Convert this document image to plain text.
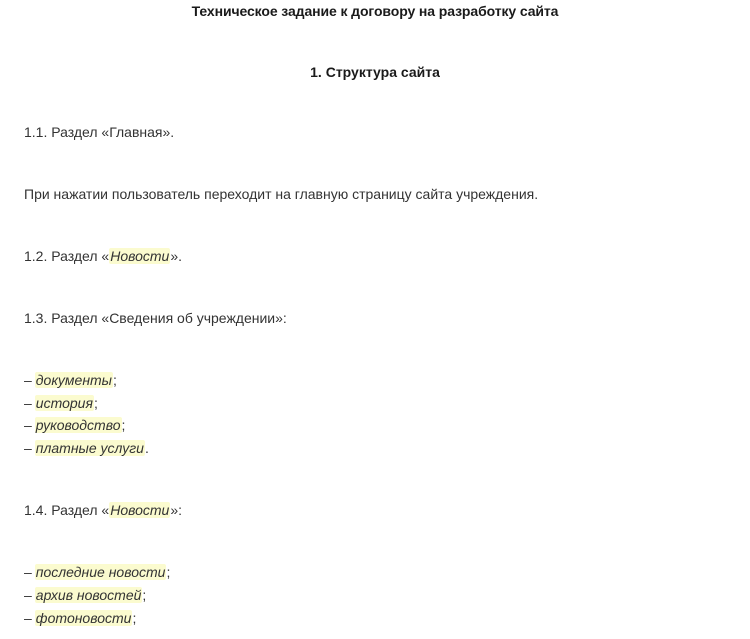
Техническое задание к договору на разработку сайта
1. Структура сайта
1.1. Раздел «Главная».
При нажатии пользователь переходит на главную страницу сайта учреждения.
1.2. Раздел «Новости».
1.3. Раздел «Сведения об учреждении»:
– документы;
– история;
– руководство;
– платные услуги.
1.4. Раздел «Новости»:
– последние новости;
– архив новостей;
– фотоновости;
